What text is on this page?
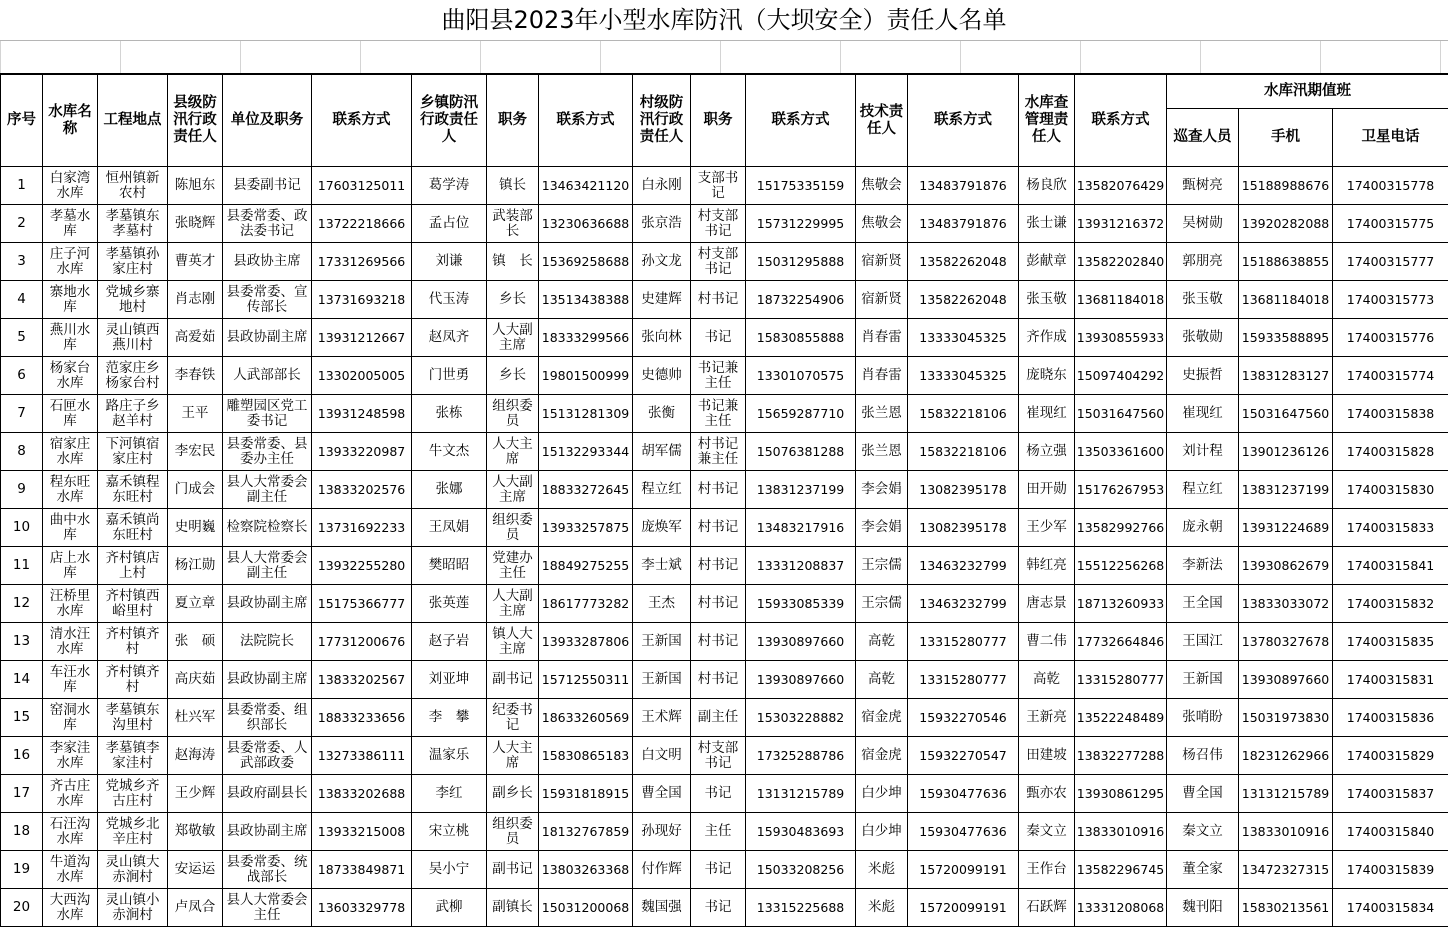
曲阳县2023年小型水库防汛（大坝安全）责任人名单
序号	水库名称	工程地点	县级防汛行政责任人	单位及职务	联系方式	乡镇防汛行政责任人	职务	联系方式	村级防汛行政责任人	职务	联系方式	技术责任人	联系方式	水库查管理责任人	联系方式	水库汛期值班		
																巡查人员	手机	卫星电话
1	白家湾水库	恒州镇新农村	陈旭东	县委副书记	17603125011	葛学涛	镇长	13463421120	白永刚	支部书记	15175335159	焦敬会	13483791876	杨良欣	13582076429	甄树亮	15188988676	17400315778
2	孝墓水库	孝墓镇东孝墓村	张晓辉	县委常委、政法委书记	13722218666	孟占位	武装部长	13230636688	张京浩	村支部书记	15731229995	焦敬会	13483791876	张士谦	13931216372	吴树勋	13920282088	17400315775
3	庄子河水库	孝墓镇孙家庄村	曹英才	县政协主席	17331269566	刘谦	镇　长	15369258688	孙文龙	村支部书记	15031295888	宿新贤	13582262048	彭献章	13582202840	郭朋亮	15188638855	17400315777
4	寨地水库	党城乡寨地村	肖志刚	县委常委、宣传部长	13731693218	代玉涛	乡长	13513438388	史建辉	村书记	18732254906	宿新贤	13582262048	张玉敬	13681184018	张玉敬	13681184018	17400315773
5	燕川水库	灵山镇西燕川村	高爱茹	县政协副主席	13931212667	赵凤齐	人大副主席	18333299566	张向林	书记	15830855888	肖春雷	13333045325	齐作成	13930855933	张敬勋	15933588895	17400315776
6	杨家台水库	范家庄乡杨家台村	李春铁	人武部部长	13302005005	门世勇	乡长	19801500999	史德帅	书记兼主任	13301070575	肖春雷	13333045325	庞晓东	15097404292	史振哲	13831283127	17400315774
7	石匣水库	路庄子乡赵羊村	王平	雕塑园区党工委书记	13931248598	张栋	组织委员	15131281309	张衡	书记兼主任	15659287710	张兰恩	15832218106	崔现红	15031647560	崔现红	15031647560	17400315838
8	宿家庄水库	下河镇宿家庄村	李宏民	县委常委、县委办主任	13933220987	牛文杰	人大主席	15132293344	胡军儒	村书记兼主任	15076381288	张兰恩	15832218106	杨立强	13503361600	刘计程	13901236126	17400315828
9	程东旺水库	嘉禾镇程东旺村	门成会	县人大常委会副主任	13833202576	张娜	人大副主席	18833272645	程立红	村书记	13831237199	李会娟	13082395178	田开勋	15176267953	程立红	13831237199	17400315830
10	曲中水库	嘉禾镇尚东旺村	史明巍	检察院检察长	13731692233	王凤娟	组织委员	13933257875	庞焕军	村书记	13483217916	李会娟	13082395178	王少军	13582992766	庞永朝	13931224689	17400315833
11	店上水库	齐村镇店上村	杨江勋	县人大常委会副主任	13932255280	樊昭昭	党建办主任	18849275255	李士斌	村书记	13331208837	王宗儒	13463232799	韩红亮	15512256268	李新法	13930862679	17400315841
12	汪桥里水库	齐村镇西峪里村	夏立章	县政协副主席	15175366777	张英莲	人大副主席	18617773282	王杰	村书记	15933085339	王宗儒	13463232799	唐志景	18713260933	王全国	13833033072	17400315832
13	清水汪水库	齐村镇齐村	张　硕	法院院长	17731200676	赵子岩	镇人大主席	13933287806	王新国	村书记	13930897660	高乾	13315280777	曹二伟	17732664846	王国江	13780327678	17400315835
14	车汪水库	齐村镇齐村	高庆茹	县政协副主席	13833202567	刘亚坤	副书记	15712550311	王新国	村书记	13930897660	高乾	13315280777	高乾	13315280777	王新国	13930897660	17400315831
15	窑洞水库	孝墓镇东沟里村	杜兴军	县委常委、组织部长	18833233656	李　攀	纪委书记	18633260569	王术辉	副主任	15303228882	宿金虎	15932270546	王新亮	13522248489	张哨盼	15031973830	17400315836
16	李家洼水库	孝墓镇李家洼村	赵海涛	县委常委、人武部政委	13273386111	温家乐	人大主席	15830865183	白文明	村支部书记	17325288786	宿金虎	15932270547	田建坡	13832277288	杨召伟	18231262966	17400315829
17	齐古庄水库	党城乡齐古庄村	王少辉	县政府副县长	13833202688	李红	副乡长	15931818915	曹全国	书记	13131215789	白少坤	15930477636	甄亦农	13930861295	曹全国	13131215789	17400315837
18	石汪沟水库	党城乡北辛庄村	郑敬敏	县政协副主席	13933215008	宋立桃	组织委员	18132767859	孙现好	主任	15930483693	白少坤	15930477636	秦文立	13833010916	秦文立	13833010916	17400315840
19	牛道沟水库	灵山镇大赤涧村	安运运	县委常委、统战部长	18733849871	吴小宁	副书记	13803263368	付作辉	书记	15033208256	米彪	15720099191	王作台	13582296745	董全家	13472327315	17400315839
20	大西沟水库	灵山镇小赤涧村	卢凤合	县人大常委会主任	13603329778	武柳	副镇长	15031200068	魏国强	书记	13315225688	米彪	15720099191	石跃辉	13331208068	魏刊阳	15830213561	17400315834
